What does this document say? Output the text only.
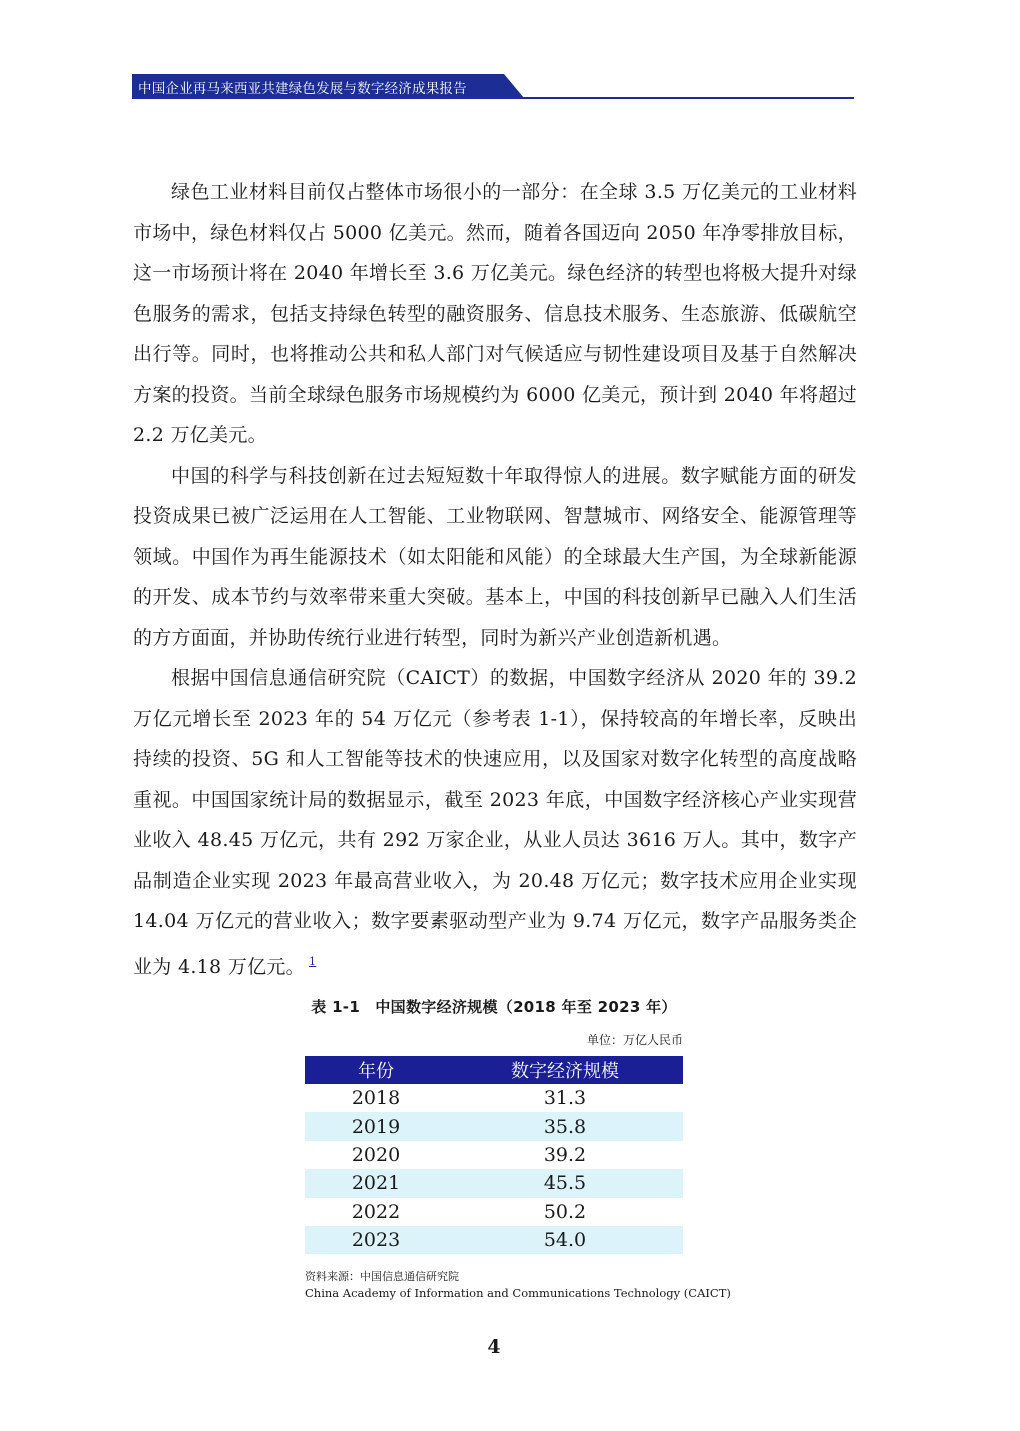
中国企业再马来西亚共建绿色发展与数字经济成果报告

绿色工业材料目前仅占整体市场很小的一部分：在全球 3.5 万亿美元的工业材料市场中，绿色材料仅占 5000 亿美元。然而，随着各国迈向 2050 年净零排放目标，这一市场预计将在 2040 年增长至 3.6 万亿美元。绿色经济的转型也将极大提升对绿色服务的需求，包括支持绿色转型的融资服务、信息技术服务、生态旅游、低碳航空出行等。同时，也将推动公共和私人部门对气候适应与韧性建设项目及基于自然解决方案的投资。当前全球绿色服务市场规模约为 6000 亿美元，预计到 2040 年将超过 2.2 万亿美元。

中国的科学与科技创新在过去短短数十年取得惊人的进展。数字赋能方面的研发投资成果已被广泛运用在人工智能、工业物联网、智慧城市、网络安全、能源管理等领域。中国作为再生能源技术（如太阳能和风能）的全球最大生产国，为全球新能源的开发、成本节约与效率带来重大突破。基本上，中国的科技创新早已融入人们生活的方方面面，并协助传统行业进行转型，同时为新兴产业创造新机遇。

根据中国信息通信研究院（CAICT）的数据，中国数字经济从 2020 年的 39.2 万亿元增长至 2023 年的 54 万亿元（参考表 1-1），保持较高的年增长率，反映出持续的投资、5G 和人工智能等技术的快速应用，以及国家对数字化转型的高度战略重视。中国国家统计局的数据显示，截至 2023 年底，中国数字经济核心产业实现营业收入 48.45 万亿元，共有 292 万家企业，从业人员达 3616 万人。其中，数字产品制造企业实现 2023 年最高营业收入，为 20.48 万亿元；数字技术应用企业实现 14.04 万亿元的营业收入；数字要素驱动型产业为 9.74 万亿元，数字产品服务类企业为 4.18 万亿元。 $^1$

表 1-1　中国数字经济规模（2018 年至 2023 年）
单位：万亿人民币
年份	数字经济规模
2018	31.3
2019	35.8
2020	39.2
2021	45.5
2022	50.2
2023	54.0
资料来源：中国信息通信研究院
China Academy of Information and Communications Technology (CAICT)
4
